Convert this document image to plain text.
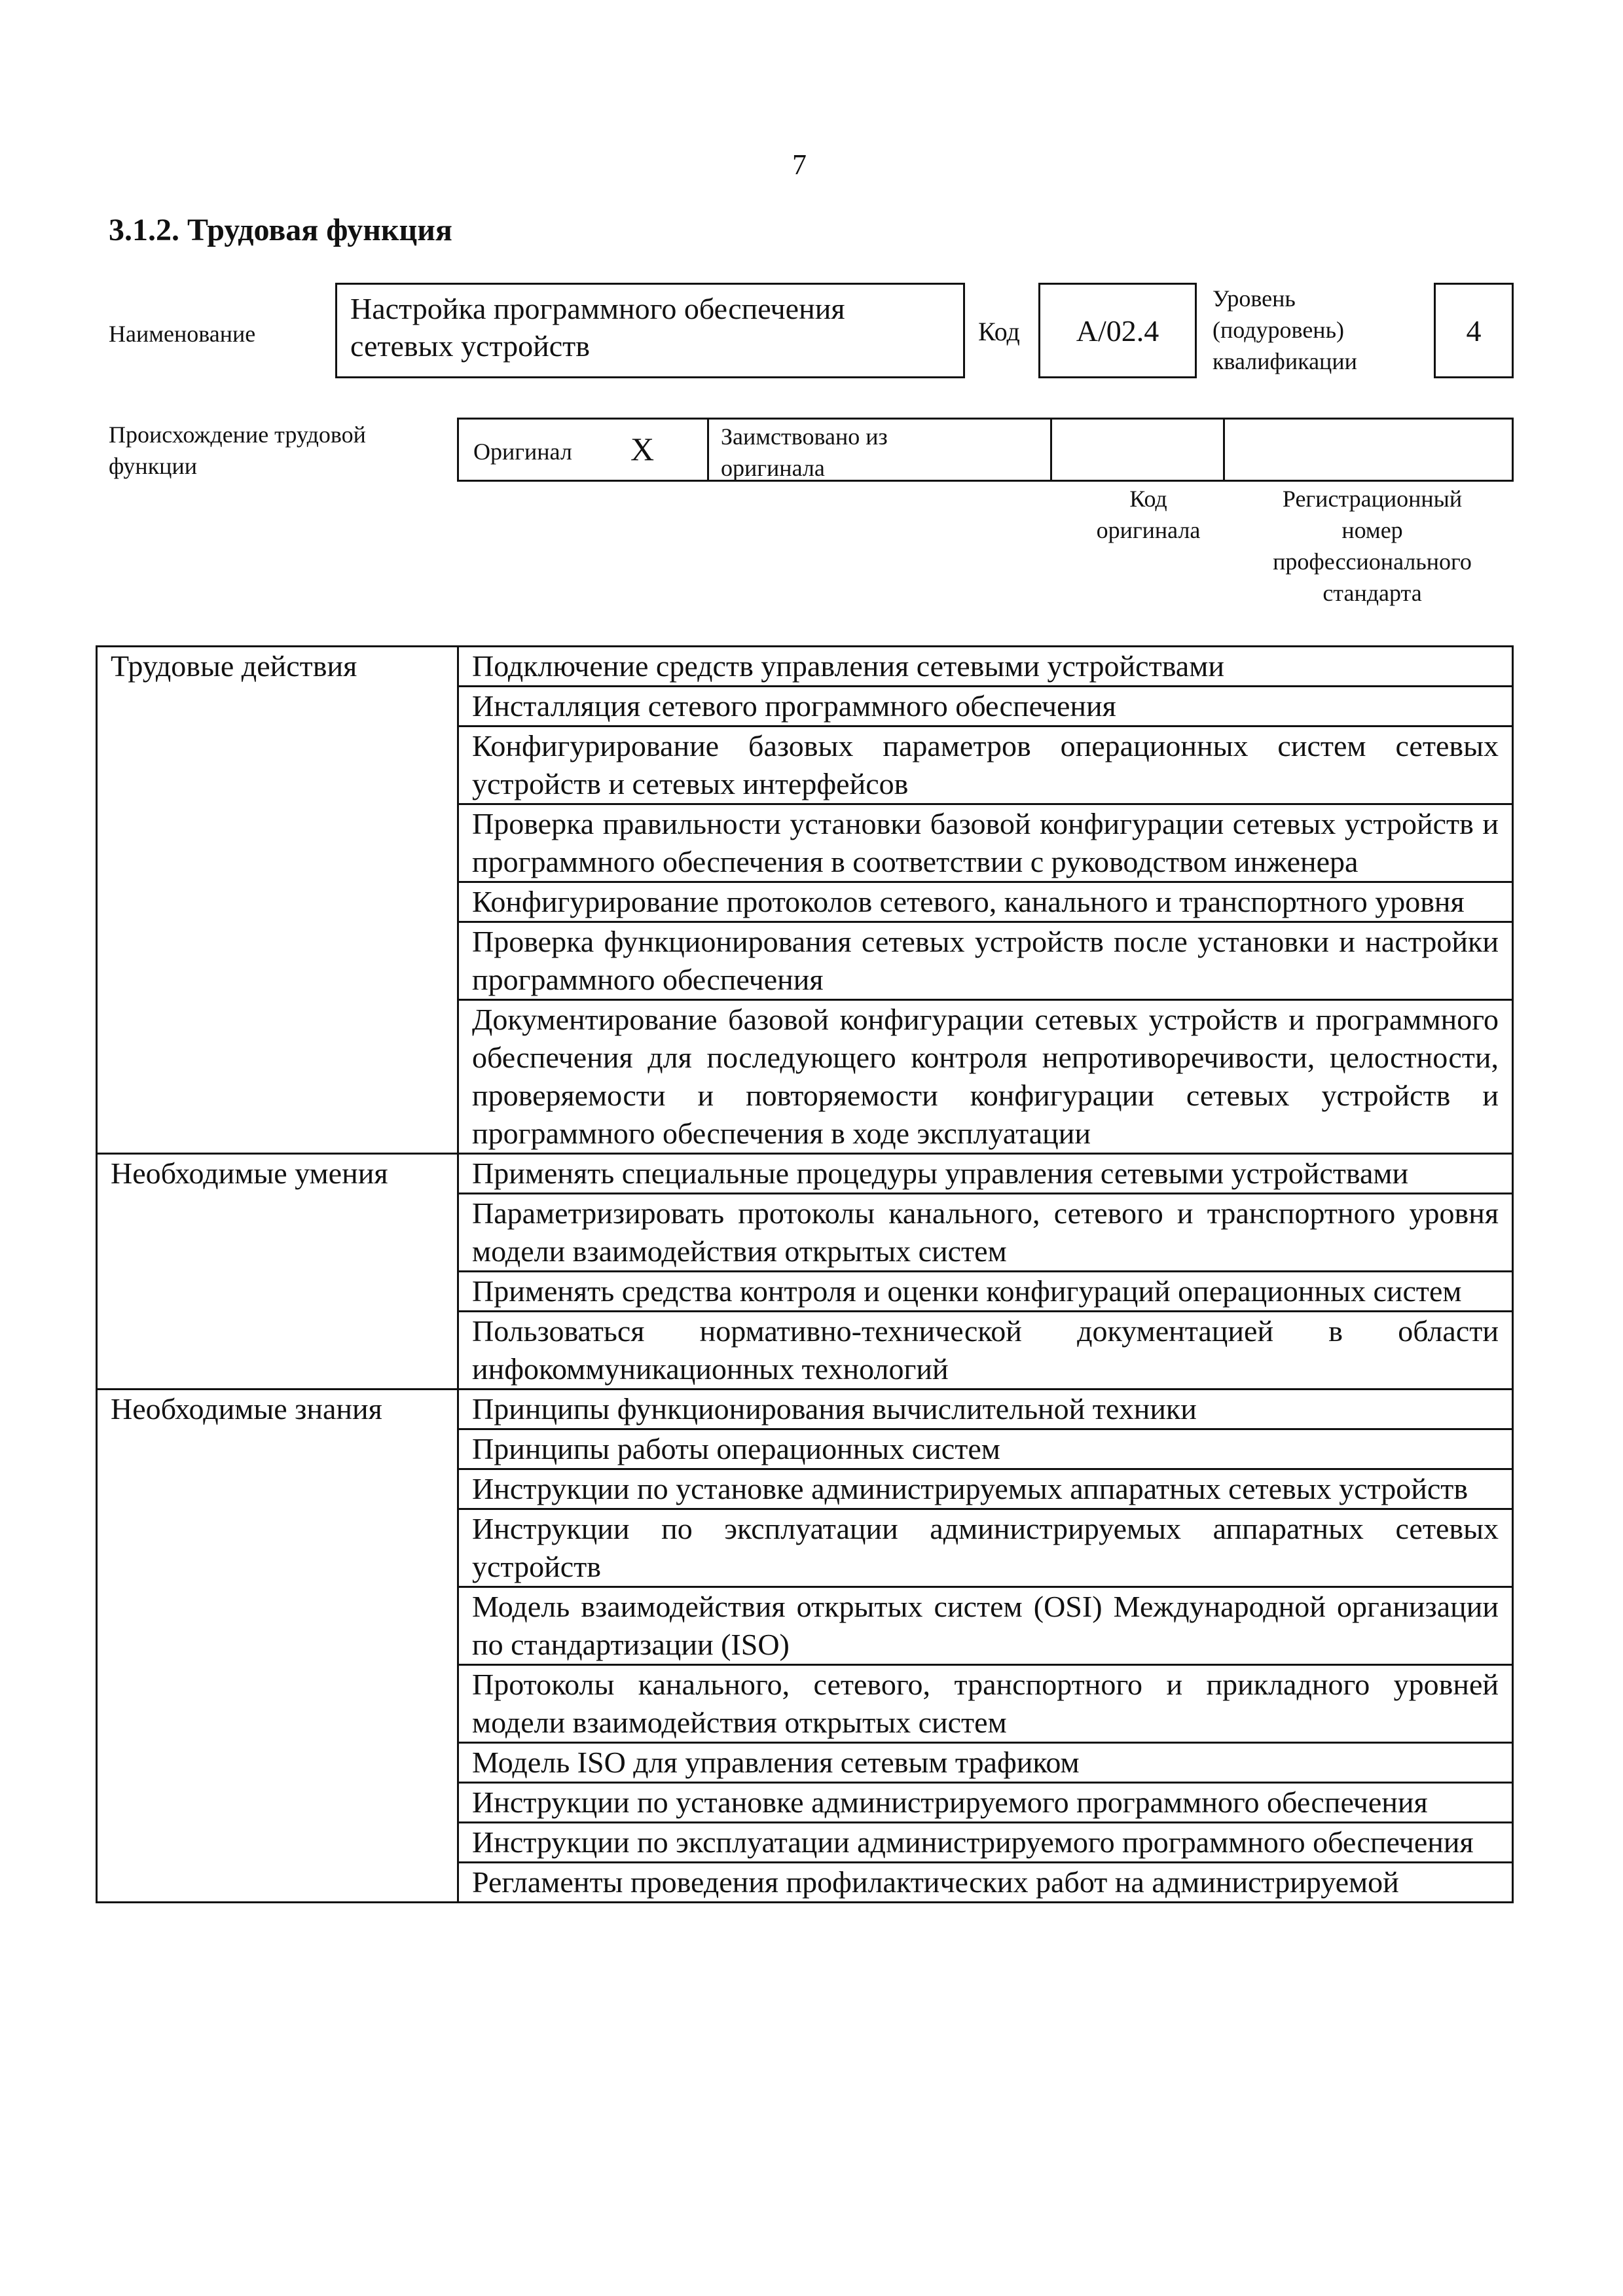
7
3.1.2. Трудовая функция
Наименование
Настройка программного обеспечения
сетевых устройств	Код	A/02.4
Уровень
(подуровень)
квалификации
4
Происхождение трудовой
функции
Оригинал X	Заимствовано из
оригинала
Код
оригинала
Регистрационный
номер
профессионального
стандарта
Трудовые действия	Подключение средств управления сетевыми устройствами
	Инсталляция сетевого программного обеспечения
	Конфигурирование базовых параметров операционных систем сетевых устройств и сетевых интерфейсов
	Проверка правильности установки базовой конфигурации сетевых устройств и программного обеспечения в соответствии с руководством инженера
	Конфигурирование протоколов сетевого, канального и транспортного уровня
	Проверка функционирования сетевых устройств после установки и настройки программного обеспечения
	Документирование базовой конфигурации сетевых устройств и программного обеспечения для последующего контроля непротиворечивости, целостности, проверяемости и повторяемости конфигурации сетевых устройств и программного обеспечения в ходе эксплуатации
Необходимые умения	Применять специальные процедуры управления сетевыми устройствами
	Параметризировать протоколы канального, сетевого и транспортного уровня модели взаимодействия открытых систем
	Применять средства контроля и оценки конфигураций операционных систем
	Пользоваться нормативно-технической документацией в области инфокоммуникационных технологий
Необходимые знания	Принципы функционирования вычислительной техники
	Принципы работы операционных систем
	Инструкции по установке администрируемых аппаратных сетевых устройств
	Инструкции по эксплуатации администрируемых аппаратных сетевых устройств
	Модель взаимодействия открытых систем (OSI) Международной организации по стандартизации (ISO)
	Протоколы канального, сетевого, транспортного и прикладного уровней модели взаимодействия открытых систем
	Модель ISO для управления сетевым трафиком
	Инструкции по установке администрируемого программного обеспечения
	Инструкции по эксплуатации администрируемого программного обеспечения
	Регламенты проведения профилактических работ на администрируемой
